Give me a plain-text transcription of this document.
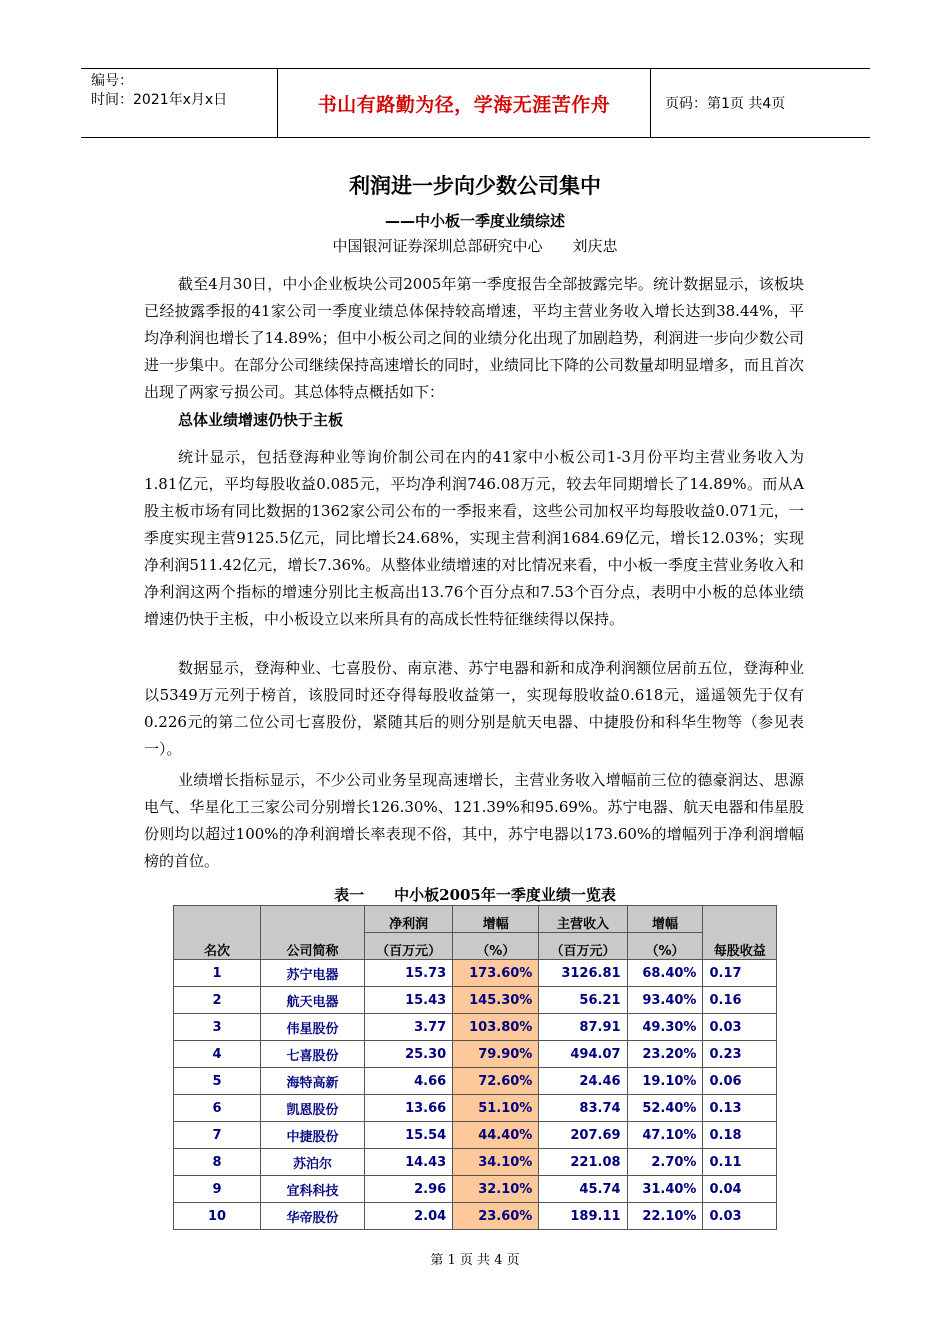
编号：
时间：2021年x月x日	书山有路勤为径，学海无涯苦作舟	页码：第1页 共4页
利润进一步向少数公司集中
——中小板一季度业绩综述
中国银河证券深圳总部研究中心　　刘庆忠

截至4月30日，中小企业板块公司2005年第一季度报告全部披露完毕。统计数据显示，该板块已经披露季报的41家公司一季度业绩总体保持较高增速，平均主营业务收入增长达到38.44%，平均净利润也增长了14.89%；但中小板公司之间的业绩分化出现了加剧趋势，利润进一步向少数公司进一步集中。在部分公司继续保持高速增长的同时，业绩同比下降的公司数量却明显增多，而且首次出现了两家亏损公司。其总体特点概括如下：

总体业绩增速仍快于主板

统计显示，包括登海种业等询价制公司在内的41家中小板公司1-3月份平均主营业务收入为1.81亿元，平均每股收益0.085元，平均净利润746.08万元，较去年同期增长了14.89%。而从A股主板市场有同比数据的1362家公司公布的一季报来看，这些公司加权平均每股收益0.071元，一季度实现主营9125.5亿元，同比增长24.68%，实现主营利润1684.69亿元，增长12.03%；实现净利润511.42亿元，增长7.36%。从整体业绩增速的对比情况来看，中小板一季度主营业务收入和净利润这两个指标的增速分别比主板高出13.76个百分点和7.53个百分点，表明中小板的总体业绩增速仍快于主板，中小板设立以来所具有的高成长性特征继续得以保持。

数据显示，登海种业、七喜股份、南京港、苏宁电器和新和成净利润额位居前五位，登海种业以5349万元列于榜首，该股同时还夺得每股收益第一，实现每股收益0.618元，遥遥领先于仅有0.226元的第二位公司七喜股份，紧随其后的则分别是航天电器、中捷股份和科华生物等（参见表一）。

业绩增长指标显示，不少公司业务呈现高速增长，主营业务收入增幅前三位的德豪润达、思源电气、华星化工三家公司分别增长126.30%、121.39%和95.69%。苏宁电器、航天电器和伟星股份则均以超过100%的净利润增长率表现不俗，其中，苏宁电器以173.60%的增幅列于净利润增幅榜的首位。

表一　　中小板2005年一季度业绩一览表
名次	公司简称	净利润	增幅	主营收入	增幅	每股收益
		（百万元）	（%）	（百万元）	（%）	
1	苏宁电器	15.73	173.60%	3126.81	68.40%	0.17
2	航天电器	15.43	145.30%	56.21	93.40%	0.16
3	伟星股份	3.77	103.80%	87.91	49.30%	0.03
4	七喜股份	25.30	79.90%	494.07	23.20%	0.23
5	海特高新	4.66	72.60%	24.46	19.10%	0.06
6	凯恩股份	13.66	51.10%	83.74	52.40%	0.13
7	中捷股份	15.54	44.40%	207.69	47.10%	0.18
8	苏泊尔	14.43	34.10%	221.08	2.70%	0.11
9	宜科科技	2.96	32.10%	45.74	31.40%	0.04
10	华帝股份	2.04	23.60%	189.11	22.10%	0.03
第 1 页 共 4 页
